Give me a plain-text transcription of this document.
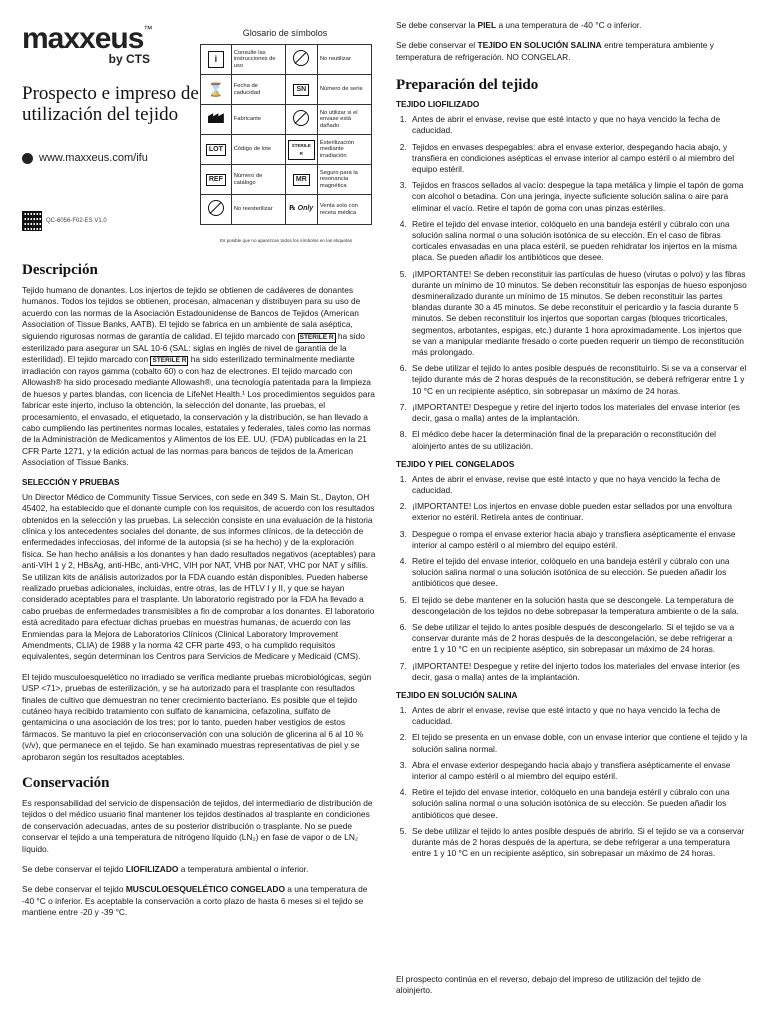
maxxeus™
by CTS
Prospecto e impreso de utilización del tejido
www.maxxeus.com/ifu
QC-6056-F02-ES V1.0
Glosario de símbolos
i	Consulte las instrucciones de uso		No reutilizar
⌛	Fecha de caducidad	SN	Número de serie
	Fabricante		No utilizar si el envase está dañado
LOT	Código de lote	STERILE R	Esterilización mediante irradiación
REF	Número de catálogo	MR	Seguro para la resonancia magnética
	No reesterilizar	℞ Only	Venta solo con receta médica
Es posible que no aparezcan todos los símbolos en las etiquetas
Descripción

Tejido humano de donantes. Los injertos de tejido se obtienen de cadáveres de donantes humanos. Todos los tejidos se obtienen, procesan, almacenan y distribuyen para su uso de acuerdo con las normas de la Asociación Estadounidense de Bancos de Tejidos (American Association of Tissue Banks, AATB). El tejido se fabrica en un ambiente de sala aséptica, siguiendo rigurosas normas de garantía de calidad. El tejido marcado con STERILE R ha sido esterilizado para asegurar un SAL 10-6 (SAL: siglas en inglés de nivel de garantía de la esterilidad). El tejido marcado con STERILE R ha sido esterilizado terminalmente mediante irradiación con rayos gamma (cobalto 60) o con haz de electrones. El tejido marcado con Allowash® ha sido procesado mediante Allowash®, una tecnología patentada para la limpieza de huesos y partes blandas, con licencia de LifeNet Health.¹ Los procedimientos seguidos para fabricar este injerto, incluso la obtención, la selección del donante, las pruebas, el procesamiento, el envasado, el etiquetado, la conservación y la distribución, se han llevado a cabo cumpliendo las pertinentes normas locales, estatales y federales, tales como las normas de la Administración de Medicamentos y Alimentos de los EE. UU. (FDA) publicadas en la 21 CFR Parte 1271, y la edición actual de las normas para bancos de tejidos de la American Association of Tissue Banks.

SELECCIÓN Y PRUEBAS

Un Director Médico de Community Tissue Services, con sede en 349 S. Main St., Dayton, OH 45402, ha establecido que el donante cumple con los requisitos, de acuerdo con los resultados obtenidos en la selección y las pruebas. La selección consiste en una evaluación de la historia clínica y los antecedentes sociales del donante, de sus informes clínicos, de la detección de enfermedades infecciosas, del informe de la autopsia (si se ha hecho) y de la exploración física. Se han hecho análisis a los donantes y han dado resultados negativos (aceptables) para anti-VIH 1 y 2, HBsAg, anti-HBc, anti-VHC, VIH por NAT, VHB por NAT, VHC por NAT y sífilis. Se utilizan kits de análisis autorizados por la FDA cuando están disponibles. Pueden haberse realizado pruebas adicionales, incluidas, entre otras, las de HTLV I y II, y que se hayan considerado aceptables para el trasplante. Un laboratorio registrado por la FDA ha llevado a cabo pruebas de enfermedades transmisibles a fin de comprobar a los donantes. El laboratorio está acreditado para efectuar dichas pruebas en muestras humanas, de acuerdo con las Enmiendas para la Mejora de Laboratorios Clínicos (Clinical Laboratory Improvement Amendments, CLIA) de 1988 y la norma 42 CFR parte 493, o ha cumplido requisitos equivalentes, según determinan los Centros para Servicios de Medicare y Medicaid (CMS).

El tejido musculoesquelético no irradiado se verifica mediante pruebas microbiológicas, según USP <71>, pruebas de esterilización, y se ha autorizado para el trasplante con resultados finales de cultivo que demuestran no tener crecimiento bacteriano. Es posible que el tejido cutáneo haya recibido tratamiento con sulfato de kanamicina, cefazolina, sulfato de gentamicina o una asociación de los tres; por lo tanto, pueden haber vestigios de estos fármacos. Se mantuvo la piel en crioconservación con una solución de glicerina al 6 al 10 % (v/v), que permanece en el tejido. Se han examinado muestras representativas de piel y se aprobaron según los resultados aceptables.

Conservación

Es responsabilidad del servicio de dispensación de tejidos, del intermediario de distribución de tejidos o del médico usuario final mantener los tejidos destinados al trasplante en condiciones de conservación adecuadas, antes de su posterior distribución o trasplante. No se puede conservar el tejido a una temperatura de nitrógeno líquido (LN₂) en fase de vapor o de LN₂ líquido.

Se debe conservar el tejido LIOFILIZADO a temperatura ambiental o inferior.

Se debe conservar el tejido MUSCULOESQUELÉTICO CONGELADO a una temperatura de -40 °C o inferior. Es aceptable la conservación a corto plazo de hasta 6 meses si el tejido se mantiene entre -20 y -39 °C.

Se debe conservar la PIEL a una temperatura de -40 °C o inferior.

Se debe conservar el TEJIDO EN SOLUCIÓN SALINA entre temperatura ambiente y temperatura de refrigeración. NO CONGELAR.

Preparación del tejido
TEJIDO LIOFILIZADO
1. Antes de abrir el envase, revise que esté intacto y que no haya vencido la fecha de caducidad.
2. Tejidos en envases despegables: abra el envase exterior, despegando hacia abajo, y transfiera en condiciones asépticas el envase interior al campo estéril o al miembro del equipo estéril.
3. Tejidos en frascos sellados al vacío: despegue la tapa metálica y limpie el tapón de goma con alcohol o betadina. Con una jeringa, inyecte suficiente solución salina o aire para eliminar el vacío. Retire el tapón de goma con unas pinzas estériles.
4. Retire el tejido del envase interior, colóquelo en una bandeja estéril y cúbralo con una solución salina normal o una solución isotónica de su elección. En el caso de fibras corticales envasadas en una placa estéril, se pueden rehidratar los injertos en la misma placa. Se pueden añadir los antibióticos que desee.
5. ¡IMPORTANTE! Se deben reconstituir las partículas de hueso (virutas o polvo) y las fibras durante un mínimo de 10 minutos. Se deben reconstituir las esponjas de hueso esponjoso desmineralizado durante un mínimo de 15 minutos. Se deben reconstituir las partes blandas durante 30 a 45 minutos. Se debe reconstituir el pericardio y la fascia durante 5 minutos. Se deben reconstituir los injertos que soportan cargas (bloques tricorticales, segmentos, arbotantes, espigas, etc.) durante 1 hora aproximadamente. Los injertos que se van a manipular mediante fresado o corte pueden requerir un tiempo de reconstitución más prolongado.
6. Se debe utilizar el tejido lo antes posible después de reconstituirlo. Si se va a conservar el tejido durante más de 2 horas después de la reconstitución, se deberá refrigerar entre 1 y 10 °C en un recipiente aséptico, sin sobrepasar un máximo de 24 horas.
7. ¡IMPORTANTE! Despegue y retire del injerto todos los materiales del envase interior (es decir, gasa o malla) antes de la implantación.
8. El médico debe hacer la determinación final de la preparación o reconstitución del aloinjerto antes de su utilización.
TEJIDO Y PIEL CONGELADOS
1. Antes de abrir el envase, revise que esté intacto y que no haya vencido la fecha de caducidad.
2. ¡IMPORTANTE! Los injertos en envase doble pueden estar sellados por una envoltura exterior no estéril. Retírela antes de continuar.
3. Despegue o rompa el envase exterior hacia abajo y transfiera asépticamente el envase interior al campo estéril o al miembro del equipo estéril.
4. Retire el tejido del envase interior, colóquelo en una bandeja estéril y cúbralo con una solución salina normal o una solución isotónica de su elección. Se pueden añadir los antibióticos que desee.
5. El tejido se debe mantener en la solución hasta que se descongele. La temperatura de descongelación de los tejidos no debe sobrepasar la temperatura ambiente o de la sala.
6. Se debe utilizar el tejido lo antes posible después de descongelarlo. Si el tejido se va a conservar durante más de 2 horas después de la descongelación, se debe refrigerar a entre 1 y 10 °C en un recipiente aséptico, sin sobrepasar un máximo de 24 horas.
7. ¡IMPORTANTE! Despegue y retire del injerto todos los materiales del envase interior (es decir, gasa o malla) antes de la implantación.
TEJIDO EN SOLUCIÓN SALINA
1. Antes de abrir el envase, revise que esté intacto y que no haya vencido la fecha de caducidad.
2. El tejido se presenta en un envase doble, con un envase interior que contiene el tejido y la solución salina normal.
3. Abra el envase exterior despegando hacia abajo y transfiera asépticamente el envase interior al campo estéril o al miembro del equipo estéril.
4. Retire el tejido del envase interior, colóquelo en una bandeja estéril y cúbralo con una solución salina normal o una solución isotónica de su elección. Se pueden añadir los antibióticos que desee.
5. Se debe utilizar el tejido lo antes posible después de abrirlo. Si el tejido se va a conservar durante más de 2 horas después de la apertura, se debe refrigerar a una temperatura entre 1 y 10 °C en un recipiente aséptico, sin sobrepasar un máximo de 24 horas.
El prospecto continúa en el reverso, debajo del impreso de utilización del tejido de aloinjerto.
